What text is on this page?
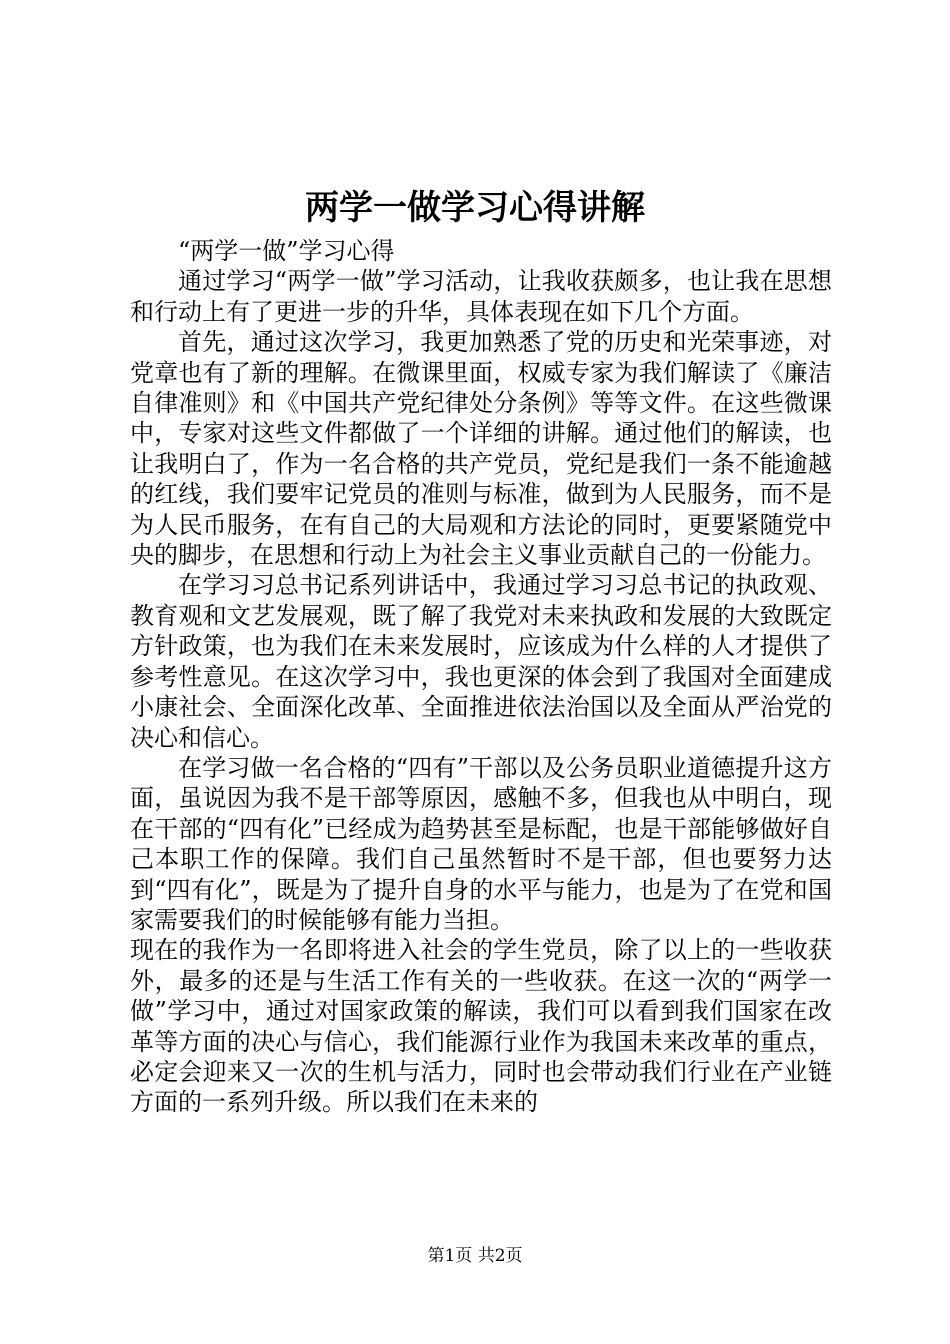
两学一做学习心得讲解

“两学一做”学习心得

通过学习“两学一做”学习活动，让我收获颇多，也让我在思想和行动上有了更进一步的升华，具体表现在如下几个方面。

首先，通过这次学习，我更加熟悉了党的历史和光荣事迹，对党章也有了新的理解。在微课里面，权威专家为我们解读了《廉洁自律准则》和《中国共产党纪律处分条例》等等文件。在这些微课中，专家对这些文件都做了一个详细的讲解。通过他们的解读，也让我明白了，作为一名合格的共产党员，党纪是我们一条不能逾越的红线，我们要牢记党员的准则与标准，做到为人民服务，而不是为人民币服务，在有自己的大局观和方法论的同时，更要紧随党中央的脚步，在思想和行动上为社会主义事业贡献自己的一份能力。

在学习习总书记系列讲话中，我通过学习习总书记的执政观、教育观和文艺发展观，既了解了我党对未来执政和发展的大致既定方针政策，也为我们在未来发展时，应该成为什么样的人才提供了参考性意见。在这次学习中，我也更深的体会到了我国对全面建成小康社会、全面深化改革、全面推进依法治国以及全面从严治党的决心和信心。

在学习做一名合格的“四有”干部以及公务员职业道德提升这方面，虽说因为我不是干部等原因，感触不多，但我也从中明白，现在干部的“四有化”已经成为趋势甚至是标配，也是干部能够做好自己本职工作的保障。我们自己虽然暂时不是干部，但也要努力达到“四有化”，既是为了提升自身的水平与能力，也是为了在党和国家需要我们的时候能够有能力当担。

现在的我作为一名即将进入社会的学生党员，除了以上的一些收获外，最多的还是与生活工作有关的一些收获。在这一次的“两学一做”学习中，通过对国家政策的解读，我们可以看到我们国家在改革等方面的决心与信心，我们能源行业作为我国未来改革的重点，必定会迎来又一次的生机与活力，同时也会带动我们行业在产业链方面的一系列升级。所以我们在未来的

第1页 共2页
